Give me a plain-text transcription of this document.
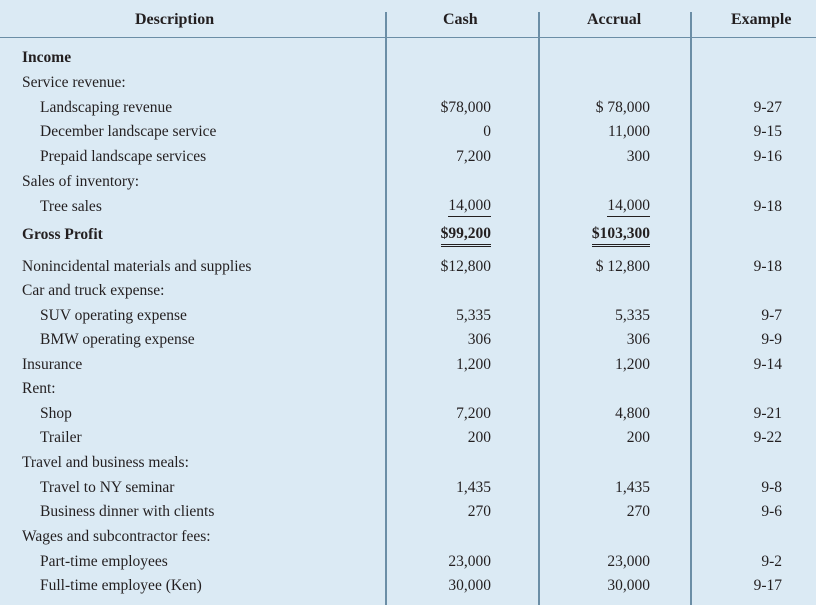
Description	Cash	Accrual	Example
Income
Service revenue:
Landscaping revenue	$78,000	$ 78,000	9-27
December landscape service	0	11,000	9-15
Prepaid landscape services	7,200	300	9-16
Sales of inventory:
Tree sales	14,000	14,000	9-18
Gross Profit	$99,200	$103,300
Nonincidental materials and supplies	$12,800	$ 12,800	9-18
Car and truck expense:
SUV operating expense	5,335	5,335	9-7
BMW operating expense	306	306	9-9
Insurance	1,200	1,200	9-14
Rent:
Shop	7,200	4,800	9-21
Trailer	200	200	9-22
Travel and business meals:
Travel to NY seminar	1,435	1,435	9-8
Business dinner with clients	270	270	9-6
Wages and subcontractor fees:
Part-time employees	23,000	23,000	9-2
Full-time employee (Ken)	30,000	30,000	9-17
